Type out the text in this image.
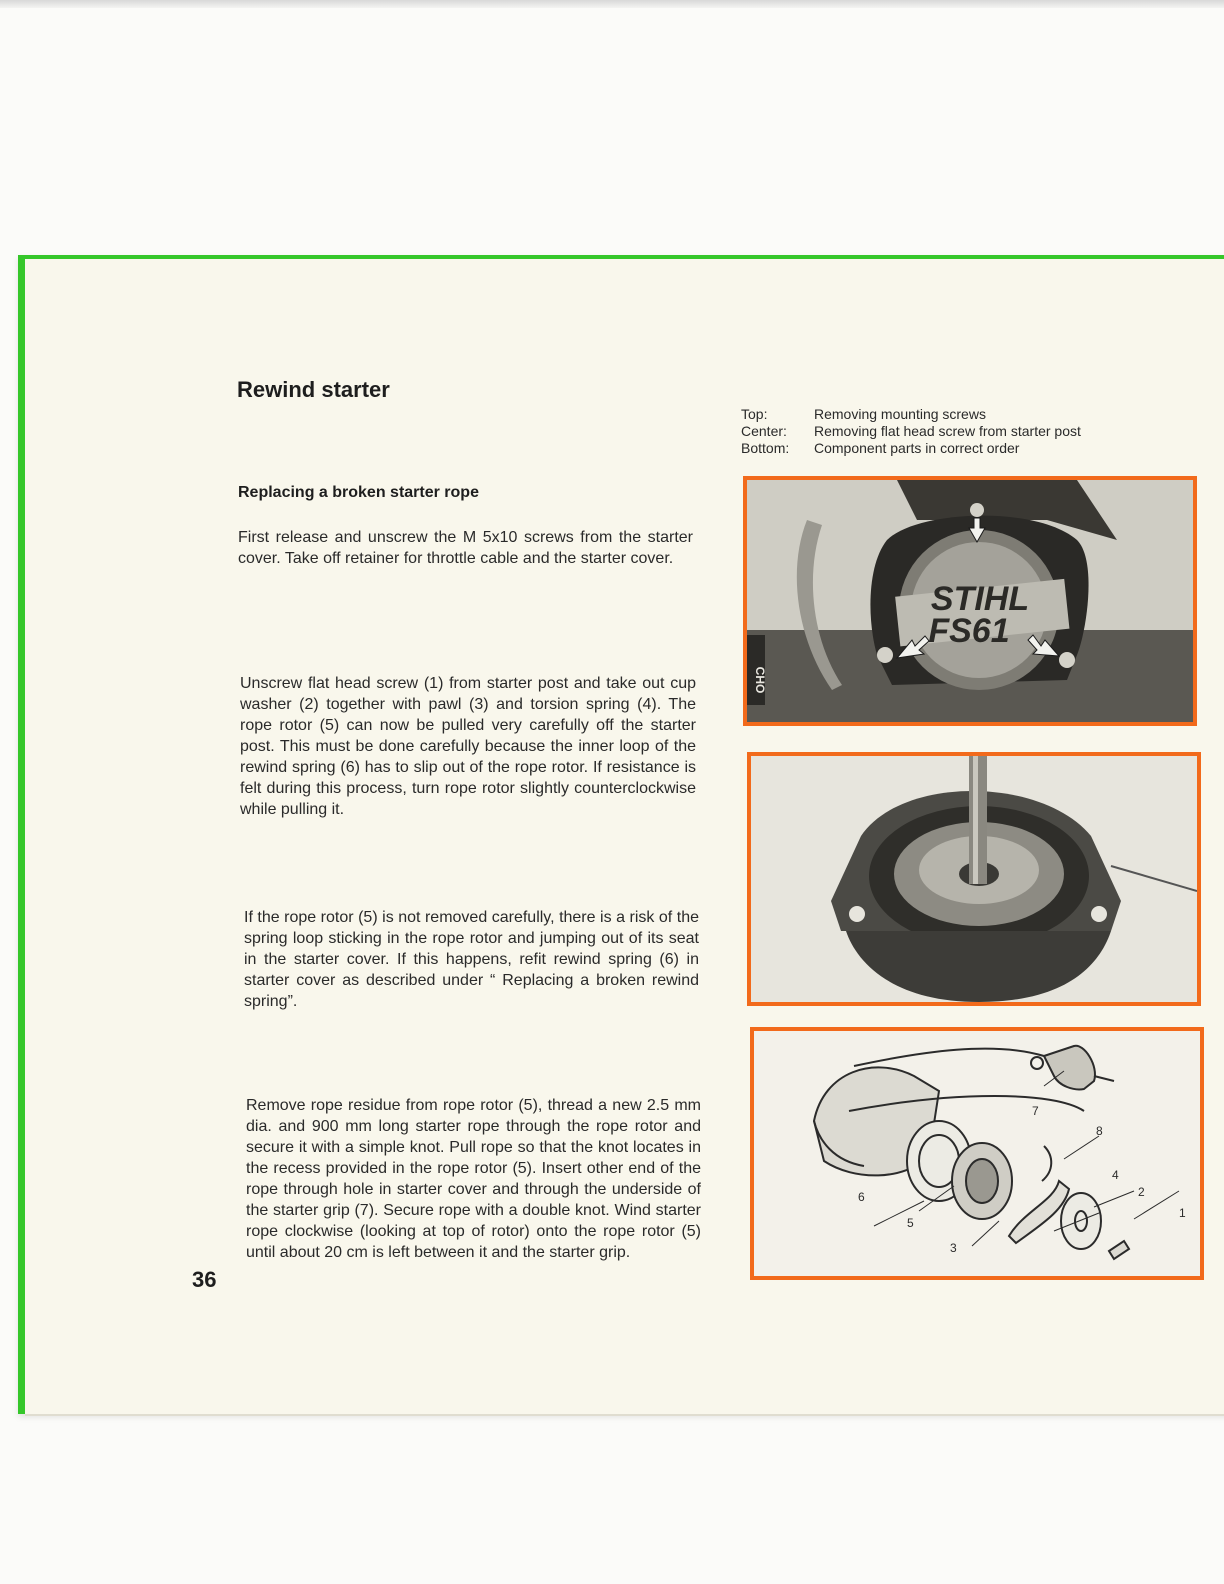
Rewind starter
Replacing a broken starter rope

First release and unscrew the M 5x10 screws from the starter cover. Take off retainer for throttle cable and the starter cover.

Unscrew flat head screw (1) from starter post and take out cup washer (2) together with pawl (3) and torsion spring (4). The rope rotor (5) can now be pulled very carefully off the starter post. This must be done carefully because the inner loop of the rewind spring (6) has to slip out of the rope rotor. If resistance is felt during this process, turn rope rotor slightly counterclockwise while pulling it.

If the rope rotor (5) is not removed carefully, there is a risk of the spring loop sticking in the rope rotor and jumping out of its seat in the starter cover. If this happens, refit rewind spring (6) in starter cover as described under “ Replacing a broken rewind spring”.

Remove rope residue from rope rotor (5), thread a new 2.5 mm dia. and 900 mm long starter rope through the rope rotor and secure it with a simple knot. Pull rope so that the knot locates in the recess provided in the rope rotor (5). Insert other end of the rope through hole in starter cover and through the underside of the starter grip (7). Secure rope with a double knot. Wind starter rope clockwise (looking at top of rotor) onto the rope rotor (5) until about 20 cm is left between it and the starter grip.

36
Top:	Removing mounting screws
Center:	Removing flat head screw from starter post
Bottom:	Component parts in correct order
STIHL
FS61
CHO
1
2
3
4
5
6
7
8
